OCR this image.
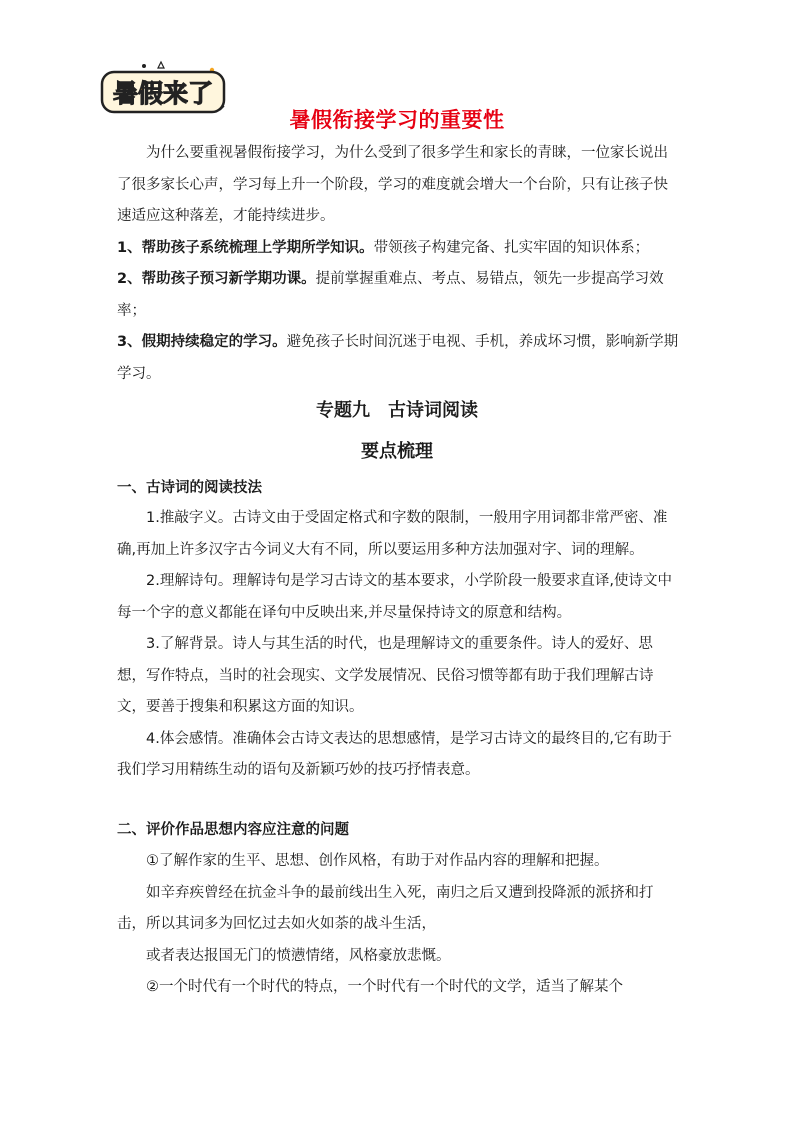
暑假来了
暑假衔接学习的重要性

为什么要重视暑假衔接学习，为什么受到了很多学生和家长的青睐，一位家长说出了很多家长心声，学习每上升一个阶段，学习的难度就会增大一个台阶，只有让孩子快速适应这种落差，才能持续进步。

1、帮助孩子系统梳理上学期所学知识。带领孩子构建完备、扎实牢固的知识体系；

2、帮助孩子预习新学期功课。提前掌握重难点、考点、易错点，领先一步提高学习效率；

3、假期持续稳定的学习。避免孩子长时间沉迷于电视、手机，养成坏习惯，影响新学期学习。

专题九　古诗词阅读
要点梳理
一、古诗词的阅读技法

1.推敲字义。古诗文由于受固定格式和字数的限制，一般用字用词都非常严密、准确,再加上许多汉字古今词义大有不同，所以要运用多种方法加强对字、词的理解。

2.理解诗句。理解诗句是学习古诗文的基本要求，小学阶段一般要求直译,使诗文中每一个字的意义都能在译句中反映出来,并尽量保持诗文的原意和结构。

3.了解背景。诗人与其生活的时代，也是理解诗文的重要条件。诗人的爱好、思想，写作特点，当时的社会现实、文学发展情况、民俗习惯等都有助于我们理解古诗文，要善于搜集和积累这方面的知识。

4.体会感情。准确体会古诗文表达的思想感情，是学习古诗文的最终目的,它有助于我们学习用精练生动的语句及新颖巧妙的技巧抒情表意。

二、评价作品思想内容应注意的问题

①了解作家的生平、思想、创作风格，有助于对作品内容的理解和把握。

如辛弃疾曾经在抗金斗争的最前线出生入死，南归之后又遭到投降派的派挤和打击，所以其词多为回忆过去如火如荼的战斗生活，

或者表达报国无门的愤懑情绪，风格豪放悲慨。

②一个时代有一个时代的特点，一个时代有一个时代的文学，适当了解某个
